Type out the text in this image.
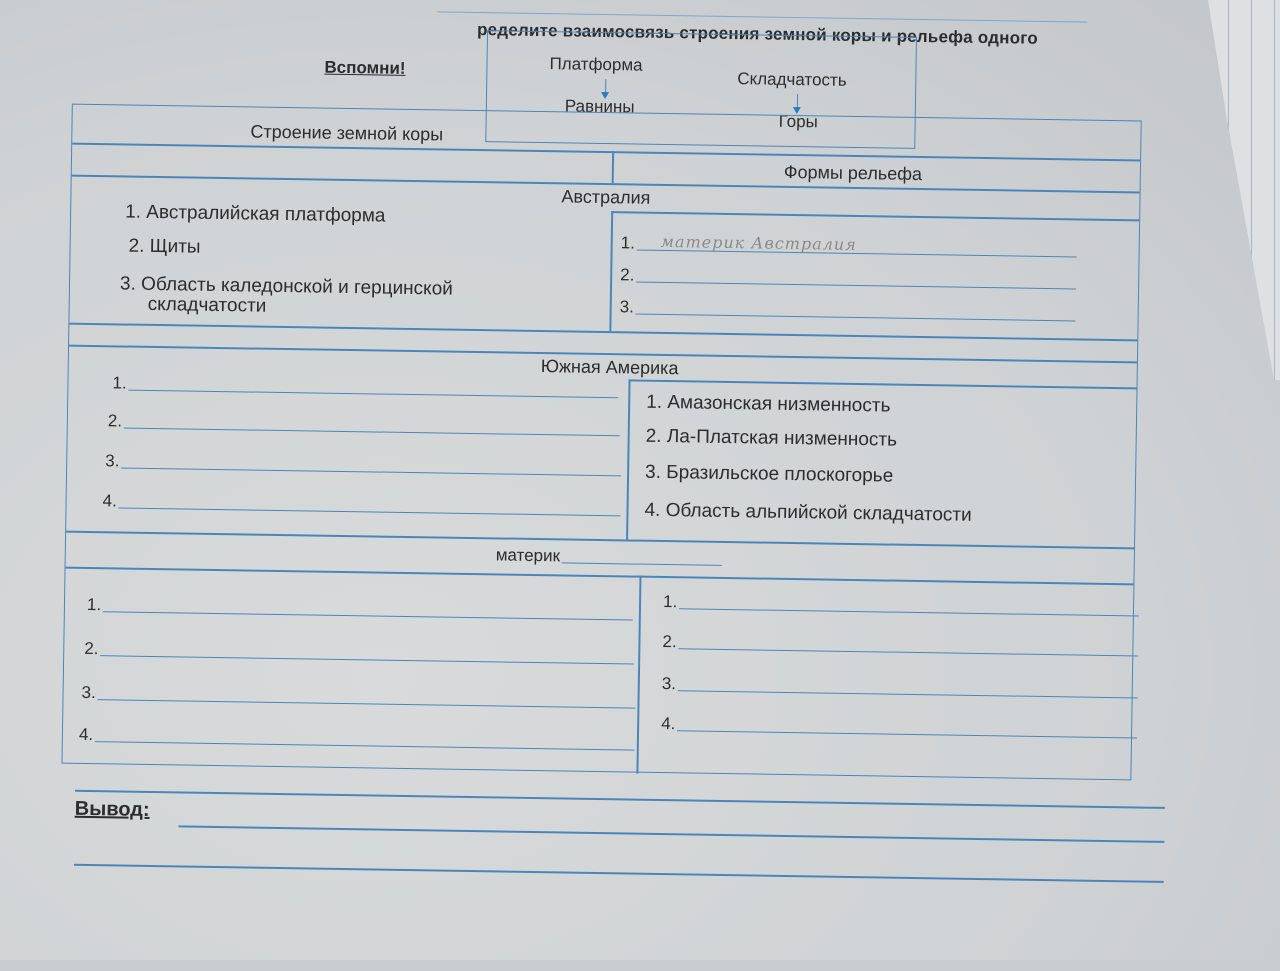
ределите взаимосвязь строения земной коры и рельефа одного
Вспомни!	Платформа
Равнины
Складчатость
Горы
Строение земной коры
Формы рельефа
Австралия
1. Австралийская платформа
2. Щиты
3. Область каледонской и герцинской
складчатости
1.	материк Австралия
2.
3.
Южная Америка
1.
2.
3.
4.
1. Амазонская низменность
2. Ла-Платская низменность
3. Бразильское плоскогорье
4. Область альпийской складчатости
материк
1.
2.
3.
4.
1.
2.
3.
4.
Вывод:
